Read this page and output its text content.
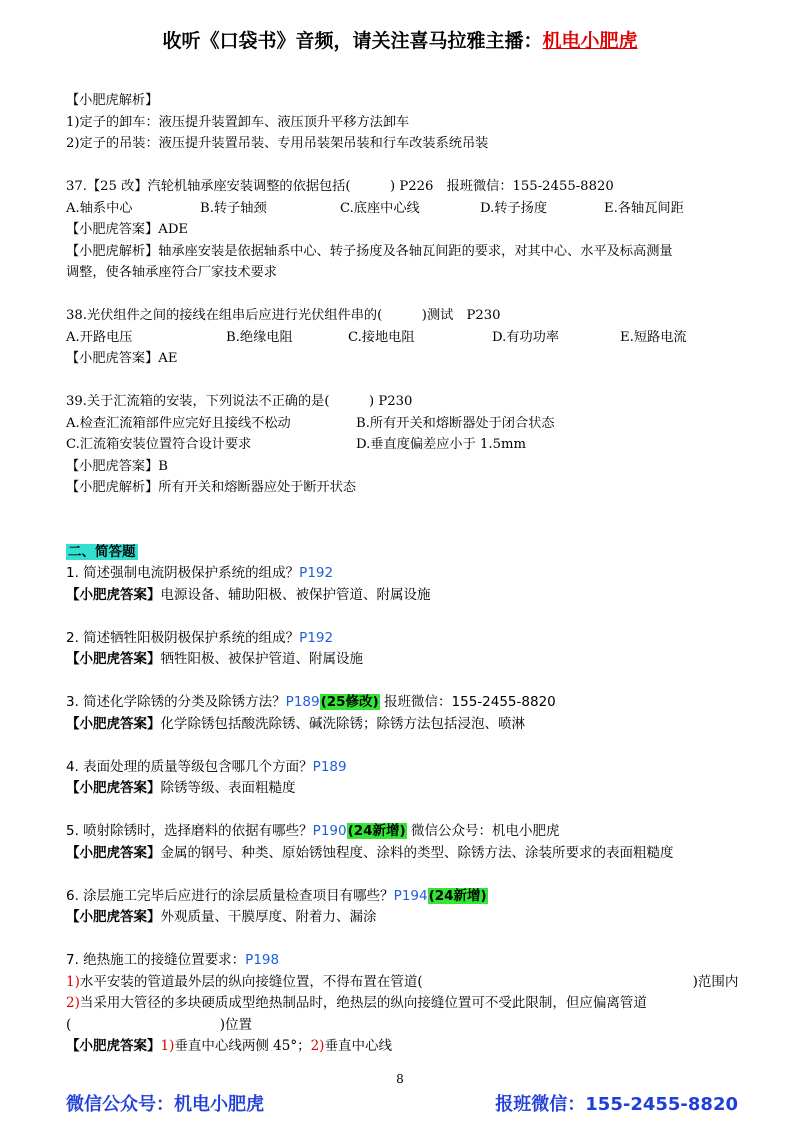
收听《口袋书》音频，请关注喜马拉雅主播：机电小肥虎
【小肥虎解析】
1)定子的卸车：液压提升装置卸车、液压顶升平移方法卸车
2)定子的吊装：液压提升装置吊装、专用吊装架吊装和行车改装系统吊装
37.【25 改】汽轮机轴承座安装调整的依据包括(　　　) P226　报班微信：155-2455-8820
A.轴系中心	B.转子轴颈	C.底座中心线	D.转子扬度	E.各轴瓦间距
【小肥虎答案】ADE
【小肥虎解析】轴承座安装是依据轴系中心、转子扬度及各轴瓦间距的要求，对其中心、水平及标高测量
调整，使各轴承座符合厂家技术要求
38.光伏组件之间的接线在组串后应进行光伏组件串的(　　　)测试　P230
A.开路电压	B.绝缘电阻	C.接地电阻	D.有功功率	E.短路电流
【小肥虎答案】AE
39.关于汇流箱的安装，下列说法不正确的是(　　　) P230
A.检查汇流箱部件应完好且接线不松动	B.所有开关和熔断器处于闭合状态
C.汇流箱安装位置符合设计要求	D.垂直度偏差应小于 1.5mm
【小肥虎答案】B
【小肥虎解析】所有开关和熔断器应处于断开状态
二、简答题
1. 简述强制电流阴极保护系统的组成？P192
【小肥虎答案】电源设备、辅助阳极、被保护管道、附属设施
2. 简述牺牲阳极阴极保护系统的组成？P192
【小肥虎答案】牺牲阳极、被保护管道、附属设施
3. 简述化学除锈的分类及除锈方法？P189(25修改) 报班微信：155-2455-8820
【小肥虎答案】化学除锈包括酸洗除锈、碱洗除锈；除锈方法包括浸泡、喷淋
4. 表面处理的质量等级包含哪几个方面？P189
【小肥虎答案】除锈等级、表面粗糙度
5. 喷射除锈时，选择磨料的依据有哪些？P190(24新增) 微信公众号：机电小肥虎
【小肥虎答案】金属的钢号、种类、原始锈蚀程度、涂料的类型、除锈方法、涂装所要求的表面粗糙度
6. 涂层施工完毕后应进行的涂层质量检查项目有哪些？P194(24新增)
【小肥虎答案】外观质量、干膜厚度、附着力、漏涂
7. 绝热施工的接缝位置要求：P198
1)水平安装的管道最外层的纵向接缝位置，不得布置在管道(　　　　　　　　　　　　　　　　　　　　)范围内
2)当采用大管径的多块硬质成型绝热制品时，绝热层的纵向接缝位置可不受此限制，但应偏离管道
(　　　　　　　　　　　)位置
【小肥虎答案】1)垂直中心线两侧 45°；2)垂直中心线
8
微信公众号：机电小肥虎	报班微信：155-2455-8820
